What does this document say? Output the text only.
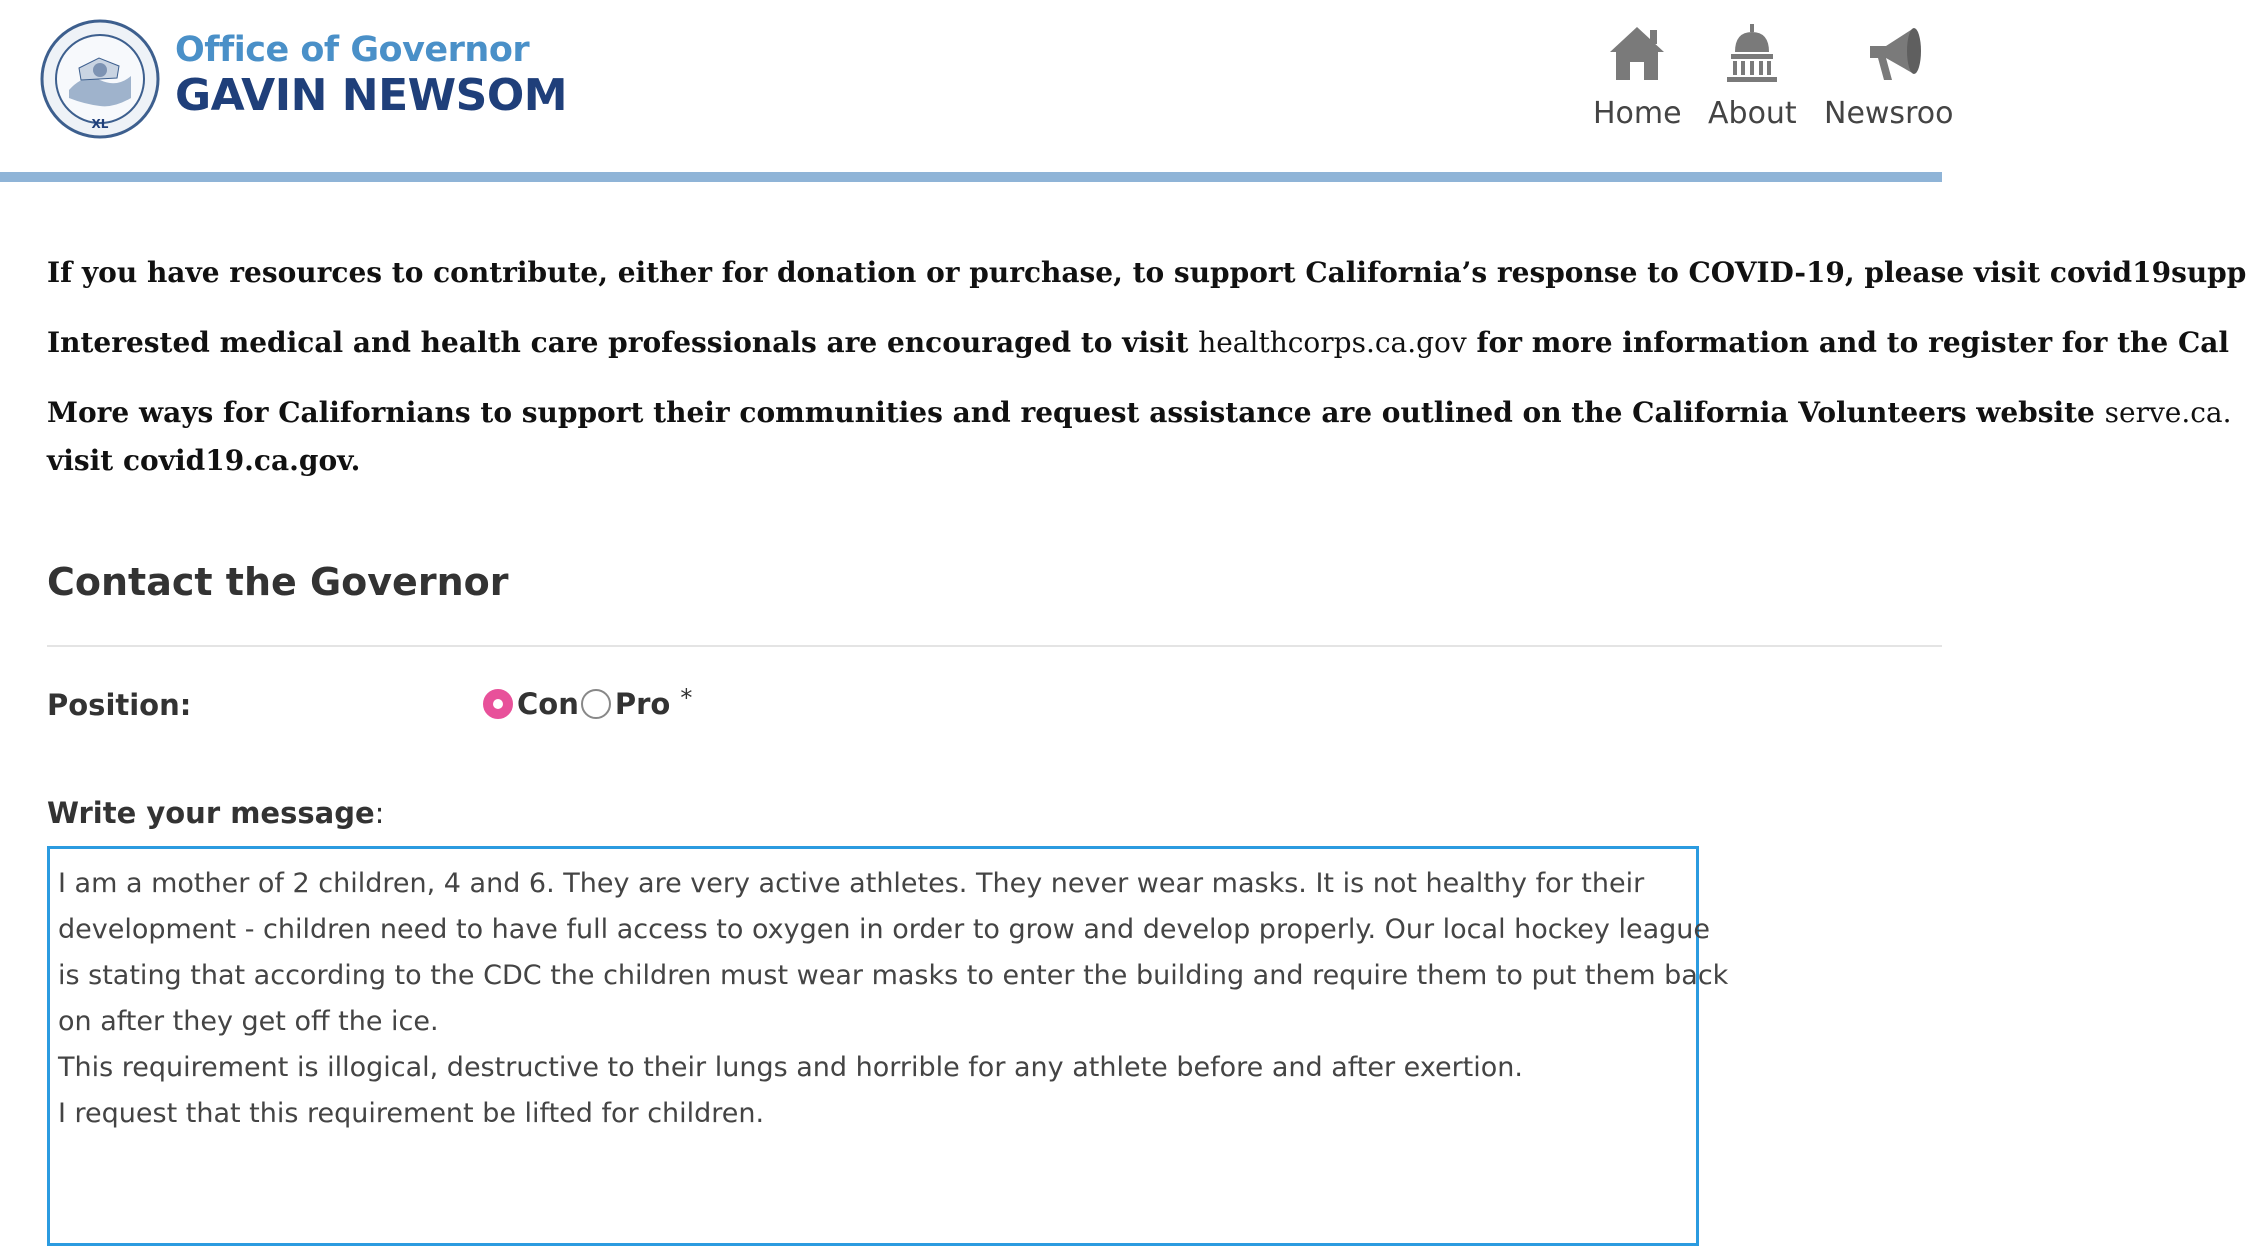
XL
Office of Governor
GAVIN NEWSOM	Home About Newsroo
If you have resources to contribute, either for donation or purchase, to support California’s response to COVID-19, please visit covid19supp
Interested medical and health care professionals are encouraged to visit healthcorps.ca.gov for more information and to register for the Cal
More ways for Californians to support their communities and request assistance are outlined on the California Volunteers website serve.ca.
visit covid19.ca.gov.
Contact the Governor
Position:	Con Pro *
Write your message:
I am a mother of 2 children, 4 and 6. They are very active athletes. They never wear masks. It is not healthy for their
development - children need to have full access to oxygen in order to grow and develop properly. Our local hockey league
is stating that according to the CDC the children must wear masks to enter the building and require them to put them back
on after they get off the ice.
This requirement is illogical, destructive to their lungs and horrible for any athlete before and after exertion.
I request that this requirement be lifted for children.
